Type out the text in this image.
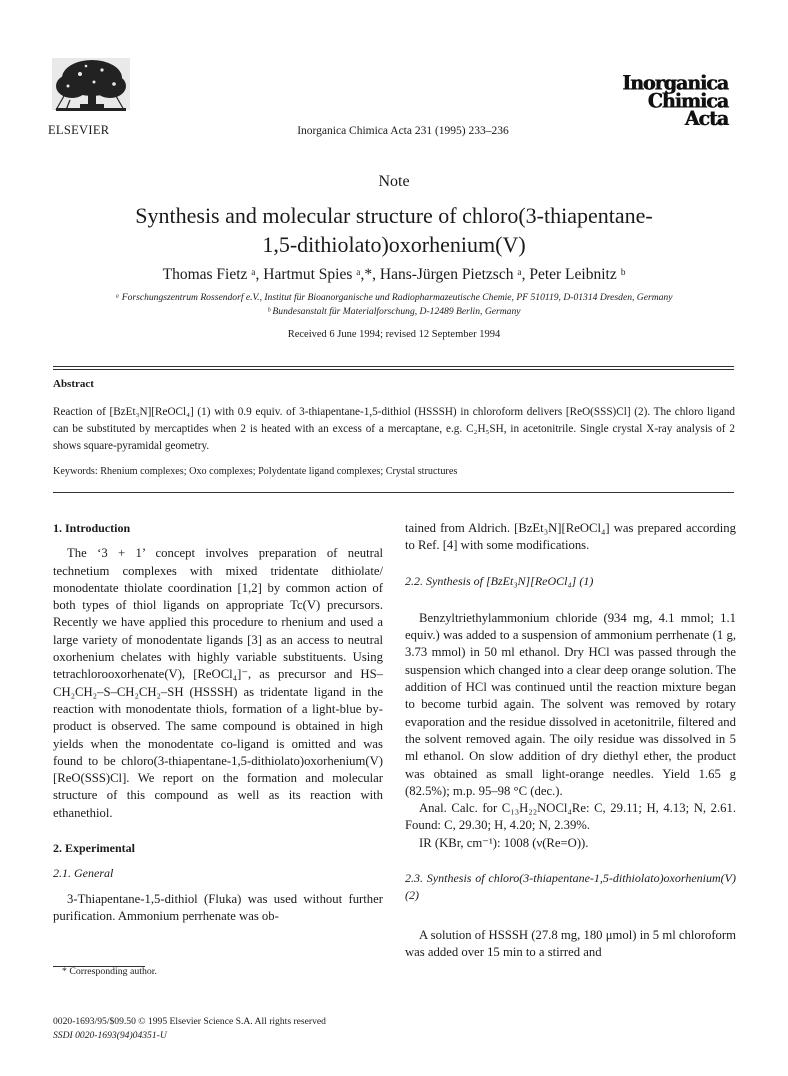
ELSEVIER	Inorganica Chimica Acta 231 (1995) 233–236
Inorganica
Chimica Acta
Note
Synthesis and molecular structure of chloro(3-thiapentane-
1,5-dithiolato)oxorhenium(V)
Thomas Fietz ᵃ, Hartmut Spies ᵃ,*, Hans-Jürgen Pietzsch ᵃ, Peter Leibnitz ᵇ
ᵃ Forschungszentrum Rossendorf e.V., Institut für Bioanorganische und Radiopharmazeutische Chemie, PF 510119, D-01314 Dresden, Germany
ᵇ Bundesanstalt für Materialforschung, D-12489 Berlin, Germany
Received 6 June 1994; revised 12 September 1994
Abstract
Reaction of [BzEt₃N][ReOCl₄] (1) with 0.9 equiv. of 3-thiapentane-1,5-dithiol (HSSSH) in chloroform delivers [ReO(SSS)Cl] (2). The chloro ligand can be substituted by mercaptides when 2 is heated with an excess of a mercaptane, e.g. C₂H₅SH, in acetonitrile. Single crystal X-ray analysis of 2 shows square-pyramidal geometry.
Keywords: Rhenium complexes; Oxo complexes; Polydentate ligand complexes; Crystal structures

1. Introduction

The ‘3 + 1’ concept involves preparation of neutral technetium complexes with mixed tridentate dithiolate/ monodentate thiolate coordination [1,2] by common action of both types of thiol ligands on appropriate Tc(V) precursors. Recently we have applied this procedure to rhenium and used a large variety of monodentate ligands [3] as an access to neutral oxorhenium chelates with highly variable substituents. Using tetrachlorooxorhenate(V), [ReOCl₄]⁻, as precursor and HS–CH₂CH₂–S–CH₂CH₂–SH (HSSSH) as tridentate ligand in the reaction with monodentate thiols, formation of a light-blue by-product is observed. The same compound is obtained in high yields when the monodentate co-ligand is omitted and was found to be chloro(3-thiapentane-1,5-dithiolato)oxorhenium(V) [ReO(SSS)Cl]. We report on the formation and molecular structure of this compound as well as its reaction with ethanethiol.

2. Experimental

2.1. General

3-Thiapentane-1,5-dithiol (Fluka) was used without further purification. Ammonium perrhenate was ob-

* Corresponding author.
0020-1693/95/$09.50 © 1995 Elsevier Science S.A. All rights reserved
SSDI 0020-1693(94)04351-U

tained from Aldrich. [BzEt₃N][ReOCl₄] was prepared according to Ref. [4] with some modifications.

2.2. Synthesis of [BzEt₃N][ReOCl₄] (1)

Benzyltriethylammonium chloride (934 mg, 4.1 mmol; 1.1 equiv.) was added to a suspension of ammonium perrhenate (1 g, 3.73 mmol) in 50 ml ethanol. Dry HCl was passed through the suspension which changed into a clear deep orange solution. The addition of HCl was continued until the reaction mixture began to become turbid again. The solvent was removed by rotary evaporation and the residue dissolved in acetonitrile, filtered and the solvent removed again. The oily residue was dissolved in 5 ml ethanol. On slow addition of dry diethyl ether, the product was obtained as small light-orange needles. Yield 1.65 g (82.5%); m.p. 95–98 °C (dec.).

Anal. Calc. for C₁₃H₂₂NOCl₄Re: C, 29.11; H, 4.13; N, 2.61. Found: C, 29.30; H, 4.20; N, 2.39%.

IR (KBr, cm⁻¹): 1008 (ν(Re=O)).

2.3. Synthesis of chloro(3-thiapentane-1,5-dithiolato)oxorhenium(V) (2)

A solution of HSSSH (27.8 mg, 180 μmol) in 5 ml chloroform was added over 15 min to a stirred and
